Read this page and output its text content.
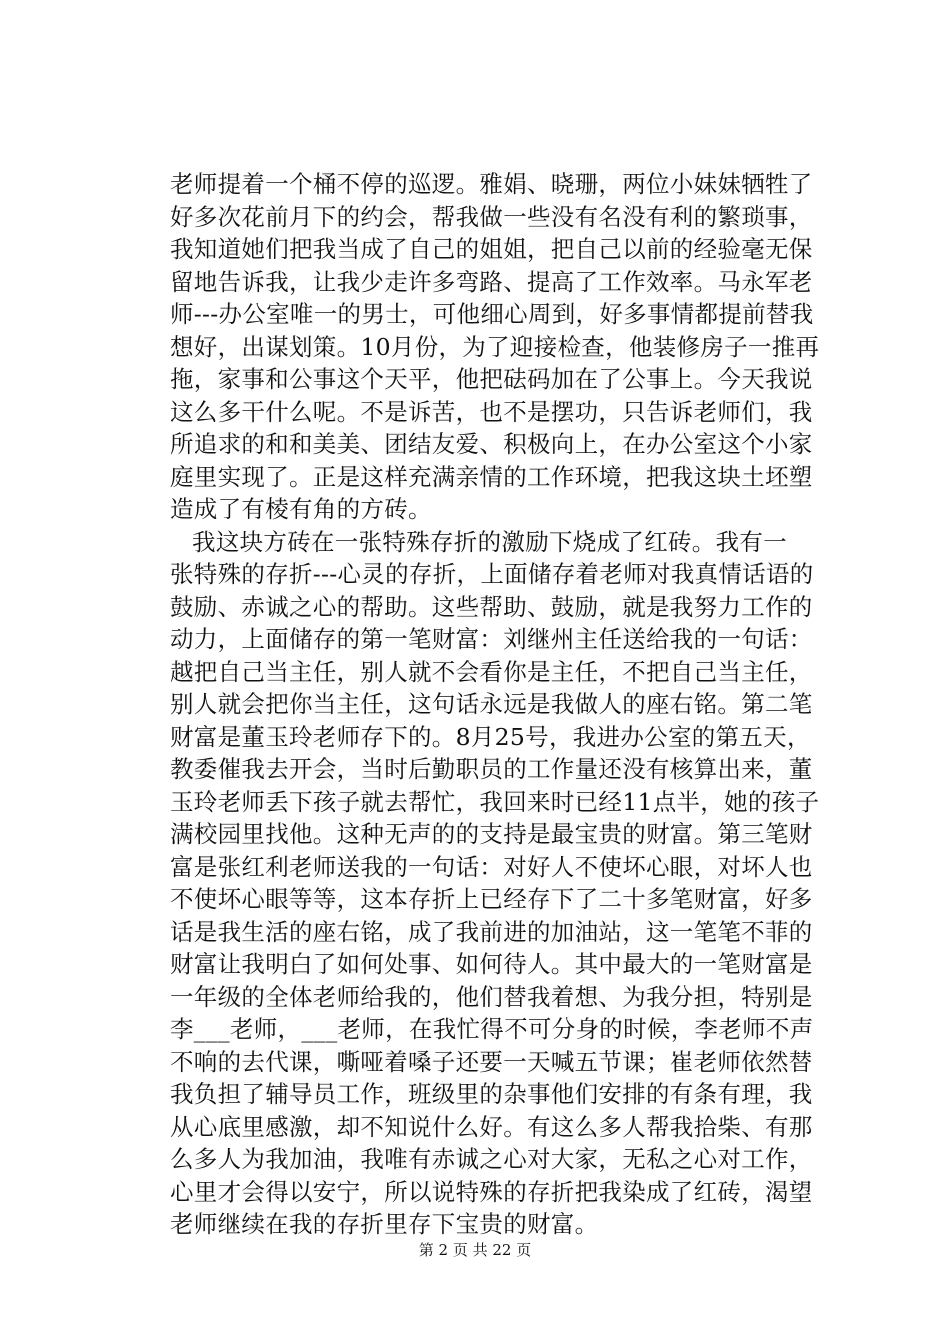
老师提着一个桶不停的巡逻。雅娟、晓珊，两位小妹妹牺牲了
好多次花前月下的约会，帮我做一些没有名没有利的繁琐事，
我知道她们把我当成了自己的姐姐，把自己以前的经验毫无保
留地告诉我，让我少走许多弯路、提高了工作效率。马永军老
师---办公室唯一的男士，可他细心周到，好多事情都提前替我
想好，出谋划策。10月份，为了迎接检查，他装修房子一推再
拖，家事和公事这个天平，他把砝码加在了公事上。今天我说
这么多干什么呢。不是诉苦，也不是摆功，只告诉老师们，我
所追求的和和美美、团结友爱、积极向上，在办公室这个小家
庭里实现了。正是这样充满亲情的工作环境，把我这块土坯塑
造成了有棱有角的方砖。
我这块方砖在一张特殊存折的激励下烧成了红砖。我有一
张特殊的存折---心灵的存折，上面储存着老师对我真情话语的
鼓励、赤诚之心的帮助。这些帮助、鼓励，就是我努力工作的
动力，上面储存的第一笔财富：刘继州主任送给我的一句话：
越把自己当主任，别人就不会看你是主任，不把自己当主任，
别人就会把你当主任，这句话永远是我做人的座右铭。第二笔
财富是董玉玲老师存下的。8月25号，我进办公室的第五天，
教委催我去开会，当时后勤职员的工作量还没有核算出来，董
玉玲老师丢下孩子就去帮忙，我回来时已经11点半，她的孩子
满校园里找他。这种无声的的支持是最宝贵的财富。第三笔财
富是张红利老师送我的一句话：对好人不使坏心眼，对坏人也
不使坏心眼等等，这本存折上已经存下了二十多笔财富，好多
话是我生活的座右铭，成了我前进的加油站，这一笔笔不菲的
财富让我明白了如何处事、如何待人。其中最大的一笔财富是
一年级的全体老师给我的，他们替我着想、为我分担，特别是
李___老师，___老师，在我忙得不可分身的时候，李老师不声
不响的去代课，嘶哑着嗓子还要一天喊五节课；崔老师依然替
我负担了辅导员工作，班级里的杂事他们安排的有条有理，我
从心底里感激，却不知说什么好。有这么多人帮我拾柴、有那
么多人为我加油，我唯有赤诚之心对大家，无私之心对工作，
心里才会得以安宁，所以说特殊的存折把我染成了红砖，渴望
老师继续在我的存折里存下宝贵的财富。
第 2 页 共 22 页
